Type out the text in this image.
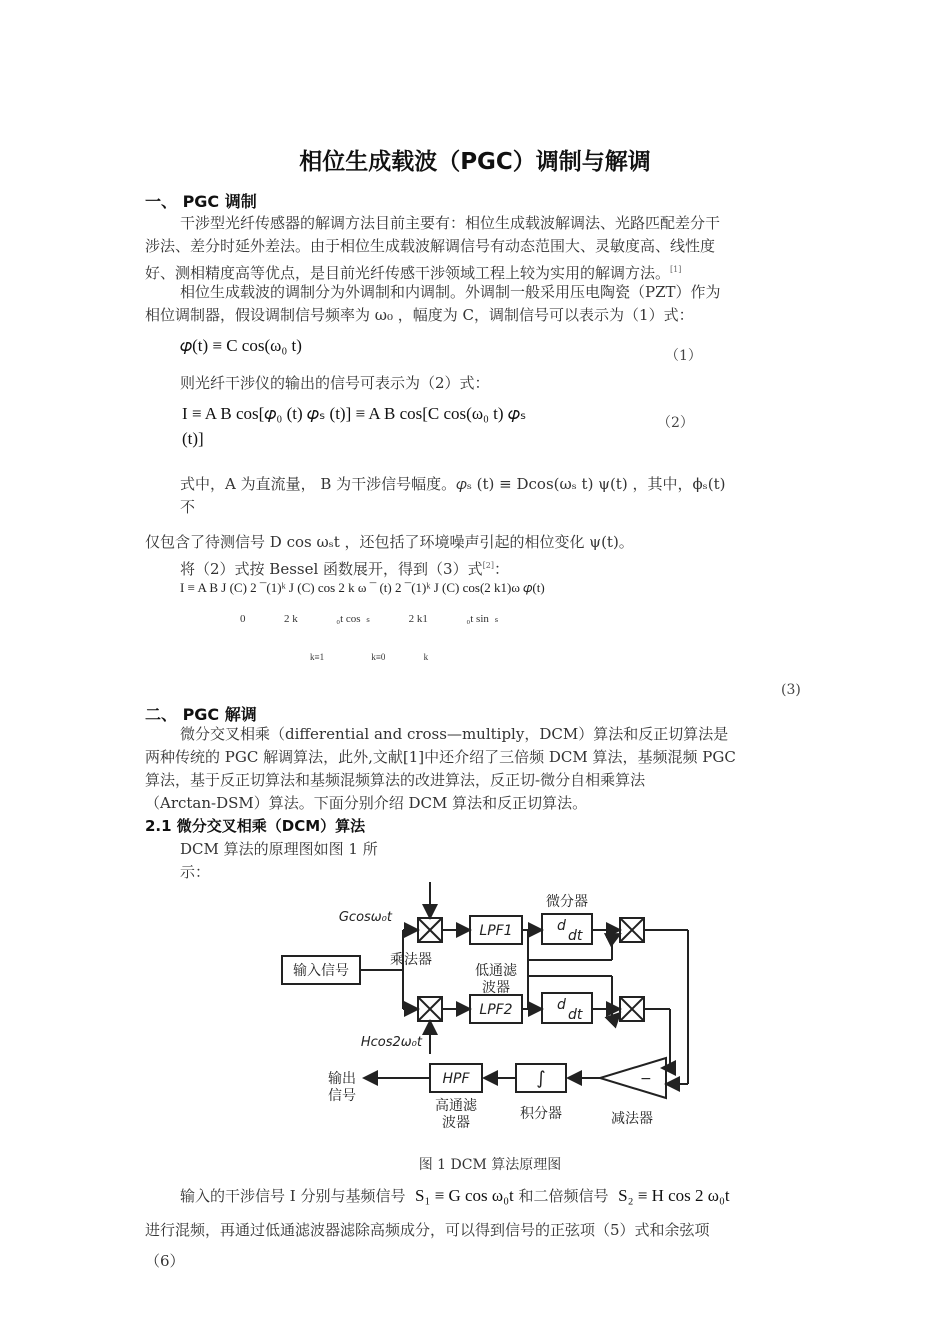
相位生成载波（PGC）调制与解调
一、 PGC 调制
干涉型光纤传感器的解调方法目前主要有：相位生成载波解调法、光路匹配差分干
涉法、差分时延外差法。由于相位生成载波解调信号有动态范围大、灵敏度高、线性度
好、测相精度高等优点，是目前光纤传感干涉领域工程上较为实用的解调方法。[1]
相位生成载波的调制分为外调制和内调制。外调制一般采用压电陶瓷（PZT）作为
相位调制器，假设调制信号频率为 ω₀ ，幅度为 C，调制信号可以表示为（1）式：
𝜑(t) ≡ C cos(ω₀ t)
（1）
则光纤干涉仪的输出的信号可表示为（2）式：
I ≡ A B cos[𝜑₀ (t) 𝜑ₛ (t)] ≡ A B cos[C cos(ω₀ t) 𝜑ₛ
(t)]
（2）
式中，A 为直流量， B 为干涉信号幅度。𝜑ₛ (t) ≡ Dcos(ωₛ t) ψ(t) ，其中，ϕₛ(t)
不
仅包含了待测信号 D cos ωₛt ，还包括了环境噪声引起的相位变化 ψ(t)。
将（2）式按 Bessel 函数展开，得到（3）式[2]：
I ≡ A B J (C) 2 ¯(1)ᵏ J (C) cos 2 k ω ¯ (t) 2 ¯(1)ᵏ J (C) cos(2 k1)ω 𝜑(t)
0              2 k              ₀t cos  ₛ              2 k1              ₀t sin  ₛ
k≡1                     k≡0                 k
(3)
二、 PGC 解调
微分交叉相乘（differential and cross—multiply，DCM）算法和反正切算法是
两种传统的 PGC 解调算法，此外,文献[1]中还介绍了三倍频 DCM 算法，基频混频 PGC
算法，基于反正切算法和基频混频算法的改进算法，反正切-微分自相乘算法
（Arctan-DSM）算法。下面分别介绍 DCM 算法和反正切算法。
2.1 微分交叉相乘（DCM）算法
DCM 算法的原理图如图 1 所
示：
输入信号
Gcosω₀t
乘法器
Hcos2ω₀t
LPF1
LPF2
低通滤
波器
微分器
d
dt
d
dt
−
∫
HPF
高通滤
波器
积分器	减法器
输出
信号
图 1 DCM 算法原理图
输入的干涉信号 I 分别与基频信号 S₁ ≡ G cos ω₀t 和二倍频信号 S₂ ≡ H cos 2 ω₀t
进行混频，再通过低通滤波器滤除高频成分，可以得到信号的正弦项（5）式和余弦项
（6）
